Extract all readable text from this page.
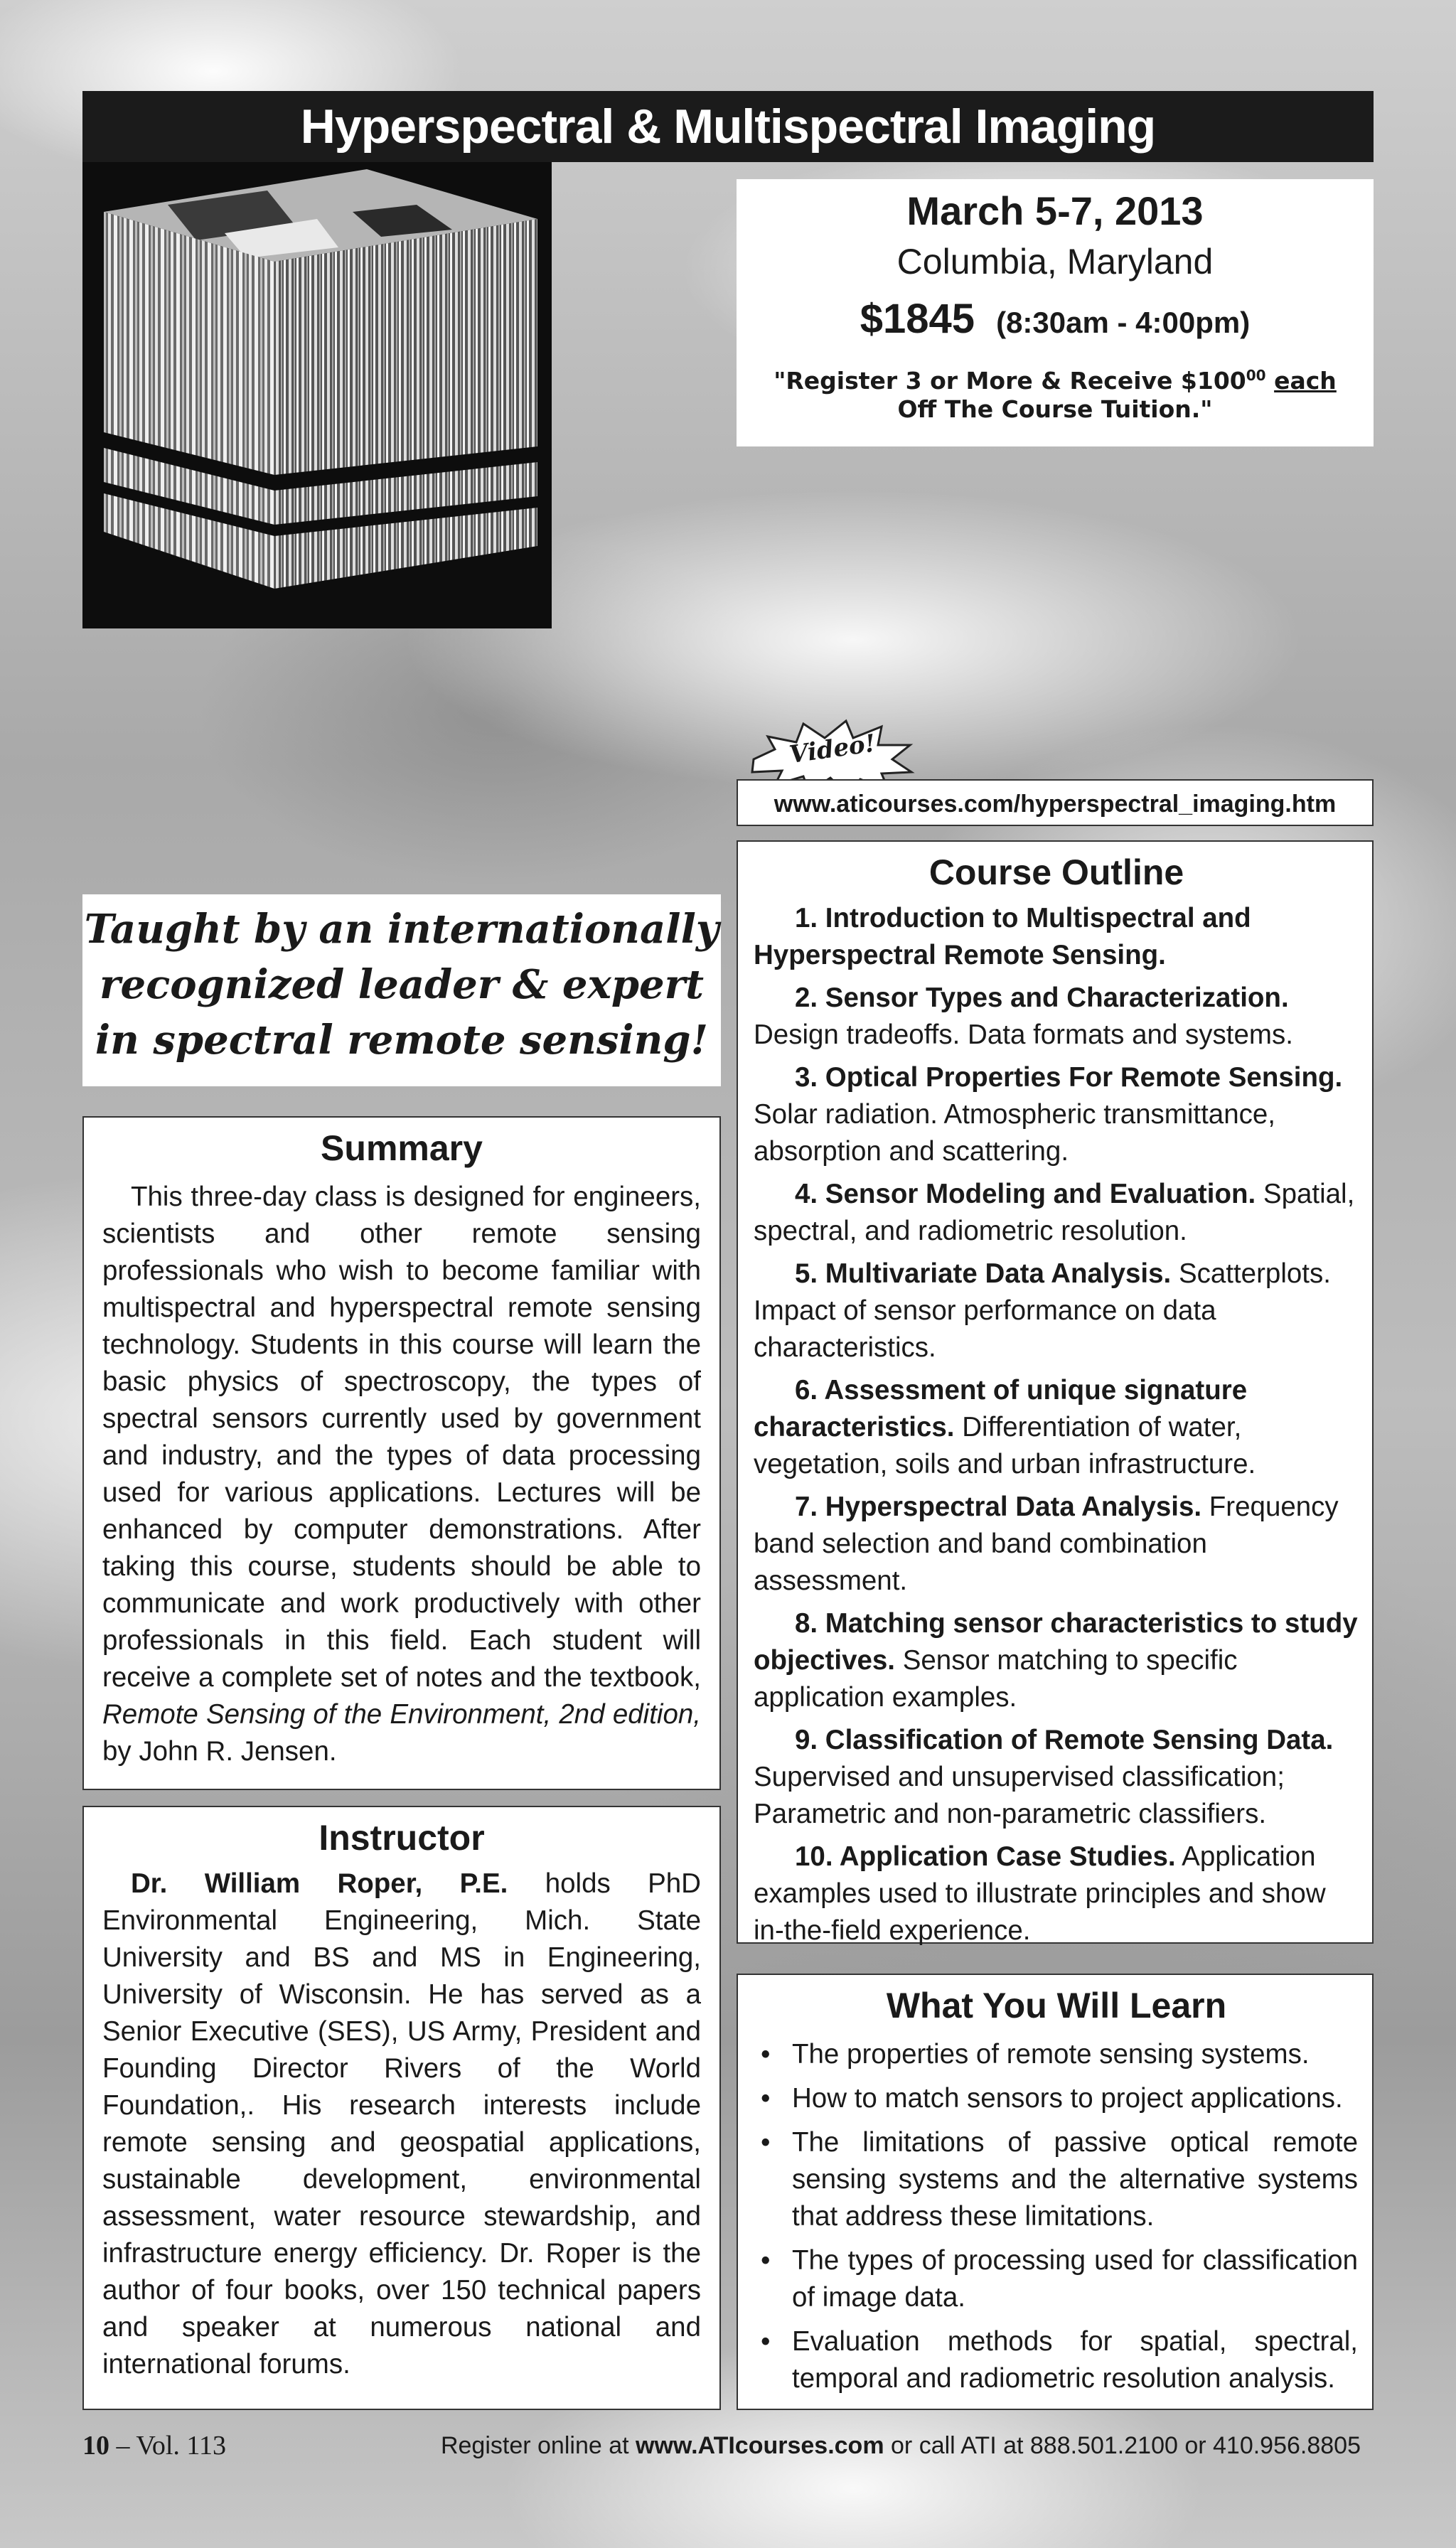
Hyperspectral & Multispectral Imaging
March 5-7, 2013
Columbia, Maryland
$1845 (8:30am - 4:00pm)
"Register 3 or More & Receive $\$100^{00}$ each
Off The Course Tuition."
Video!
www.aticourses.com/hyperspectral_imaging.htm
Taught by an internationally
recognized leader & expert
in spectral remote sensing!
Summary

This three-day class is designed for engineers, scientists and other remote sensing professionals who wish to become familiar with multispectral and hyperspectral remote sensing technology. Students in this course will learn the basic physics of spectroscopy, the types of spectral sensors currently used by government and industry, and the types of data processing used for various applications. Lectures will be enhanced by computer demonstrations. After taking this course, students should be able to communicate and work productively with other professionals in this field. Each student will receive a complete set of notes and the textbook, Remote Sensing of the Environment, 2nd edition, by John R. Jensen.

Instructor

Dr. William Roper, P.E. holds PhD Environmental Engineering, Mich. State University and BS and MS in Engineering, University of Wisconsin. He has served as a Senior Executive (SES), US Army, President and Founding Director Rivers of the World Foundation,. His research interests include remote sensing and geospatial applications, sustainable development, environmental assessment, water resource stewardship, and infrastructure energy efficiency. Dr. Roper is the author of four books, over 150 technical papers and speaker at numerous national and international forums.

Course Outline
1. Introduction to Multispectral and Hyperspectral Remote Sensing.
2. Sensor Types and Characterization. Design tradeoffs. Data formats and systems.
3. Optical Properties For Remote Sensing. Solar radiation. Atmospheric transmittance, absorption and scattering.
4. Sensor Modeling and Evaluation. Spatial, spectral, and radiometric resolution.
5. Multivariate Data Analysis. Scatterplots. Impact of sensor performance on data characteristics.
6. Assessment of unique signature characteristics. Differentiation of water, vegetation, soils and urban infrastructure.
7. Hyperspectral Data Analysis. Frequency band selection and band combination assessment.
8. Matching sensor characteristics to study objectives. Sensor matching to specific application examples.
9. Classification of Remote Sensing Data. Supervised and unsupervised classification; Parametric and non-parametric classifiers.
10. Application Case Studies. Application examples used to illustrate principles and show in-the-field experience.
What You Will Learn
• The properties of remote sensing systems.
• How to match sensors to project applications.
• The limitations of passive optical remote sensing systems and the alternative systems that address these limitations.
• The types of processing used for classification of image data.
• Evaluation methods for spatial, spectral, temporal and radiometric resolution analysis.
10 – Vol. 113	Register online at www.ATIcourses.com or call ATI at 888.501.2100 or 410.956.8805
